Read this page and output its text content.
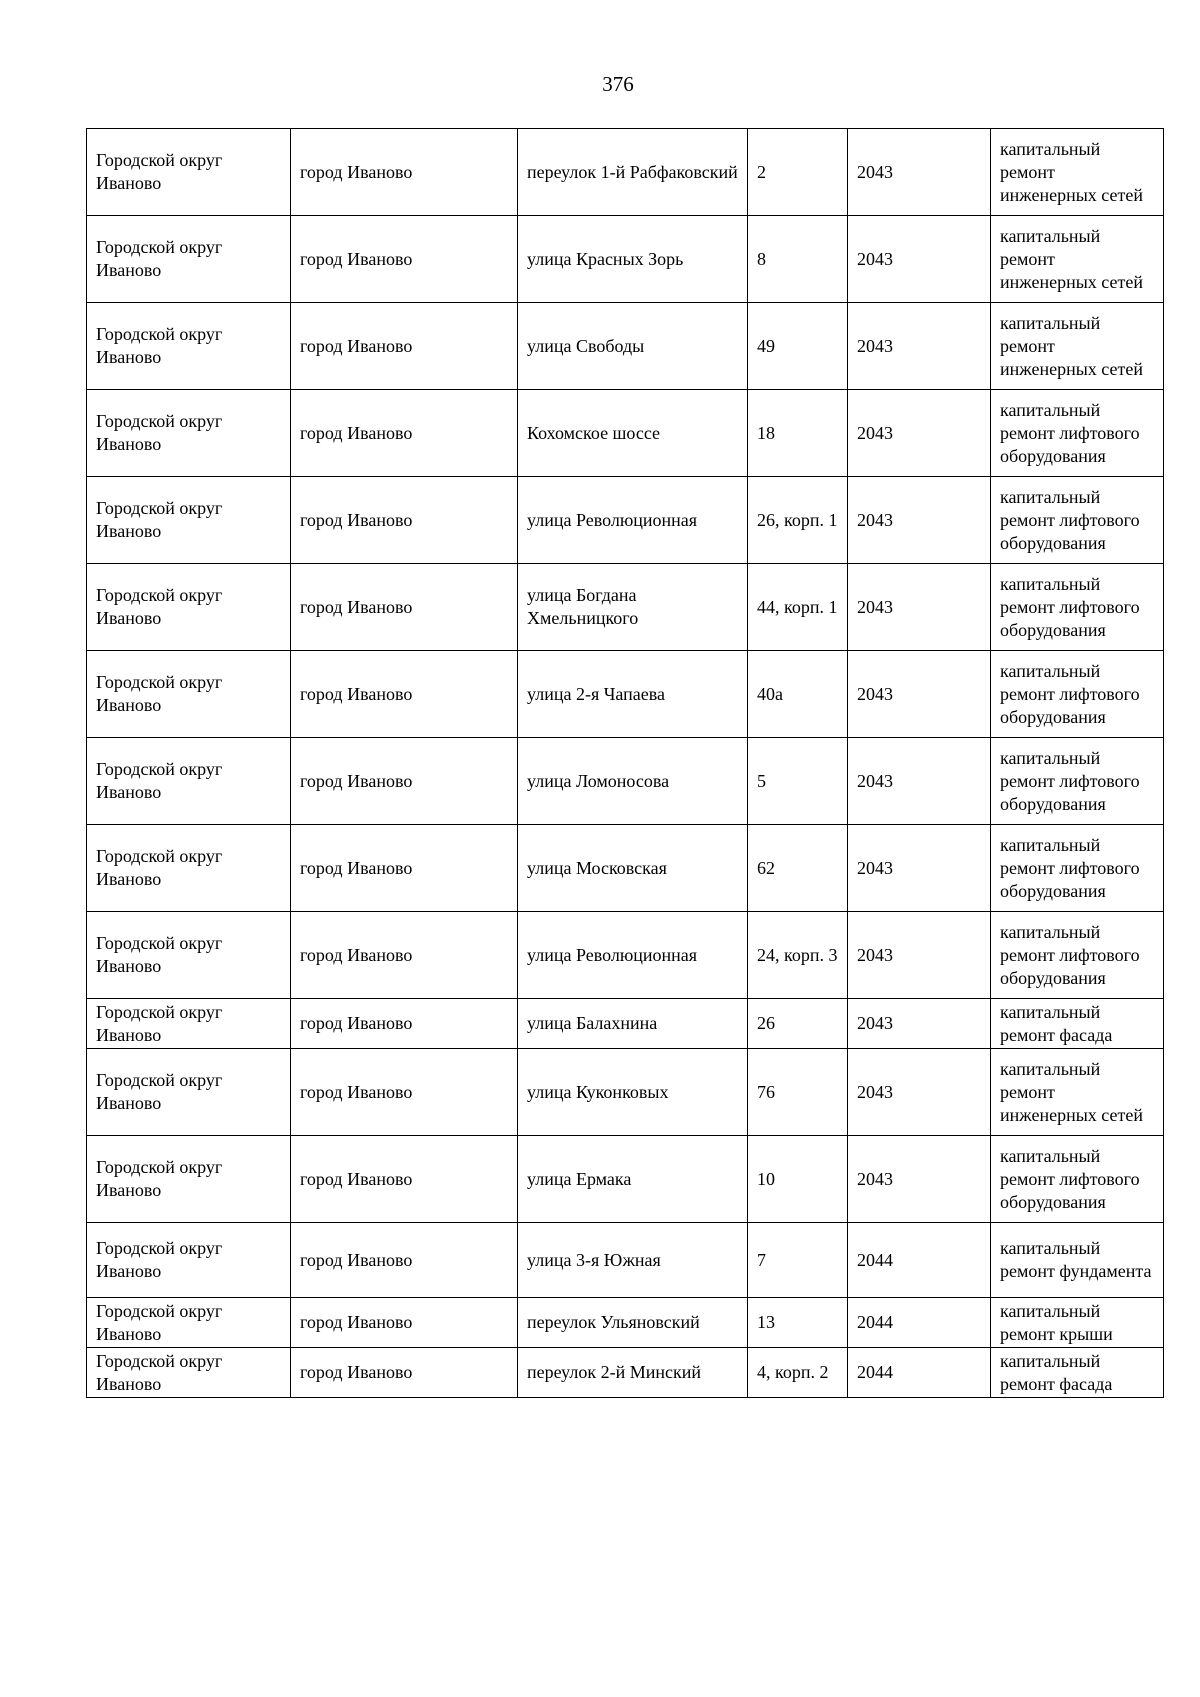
376
Городской округ Иваново	город Иваново	переулок 1-й Рабфаковский	2	2043	капитальный ремонт инженерных сетей
Городской округ Иваново	город Иваново	улица Красных Зорь	8	2043	капитальный ремонт инженерных сетей
Городской округ Иваново	город Иваново	улица Свободы	49	2043	капитальный ремонт инженерных сетей
Городской округ Иваново	город Иваново	Кохомское шоссе	18	2043	капитальный ремонт лифтового оборудования
Городской округ Иваново	город Иваново	улица Революционная	26, корп. 1	2043	капитальный ремонт лифтового оборудования
Городской округ Иваново	город Иваново	улица Богдана Хмельницкого	44, корп. 1	2043	капитальный ремонт лифтового оборудования
Городской округ Иваново	город Иваново	улица 2-я Чапаева	40а	2043	капитальный ремонт лифтового оборудования
Городской округ Иваново	город Иваново	улица Ломоносова	5	2043	капитальный ремонт лифтового оборудования
Городской округ Иваново	город Иваново	улица Московская	62	2043	капитальный ремонт лифтового оборудования
Городской округ Иваново	город Иваново	улица Революционная	24, корп. 3	2043	капитальный ремонт лифтового оборудования
Городской округ Иваново	город Иваново	улица Балахнина	26	2043	капитальный ремонт фасада
Городской округ Иваново	город Иваново	улица Куконковых	76	2043	капитальный ремонт инженерных сетей
Городской округ Иваново	город Иваново	улица Ермака	10	2043	капитальный ремонт лифтового оборудования
Городской округ Иваново	город Иваново	улица 3-я Южная	7	2044	капитальный ремонт фундамента
Городской округ Иваново	город Иваново	переулок Ульяновский	13	2044	капитальный ремонт крыши
Городской округ Иваново	город Иваново	переулок 2-й Минский	4, корп. 2	2044	капитальный ремонт фасада
